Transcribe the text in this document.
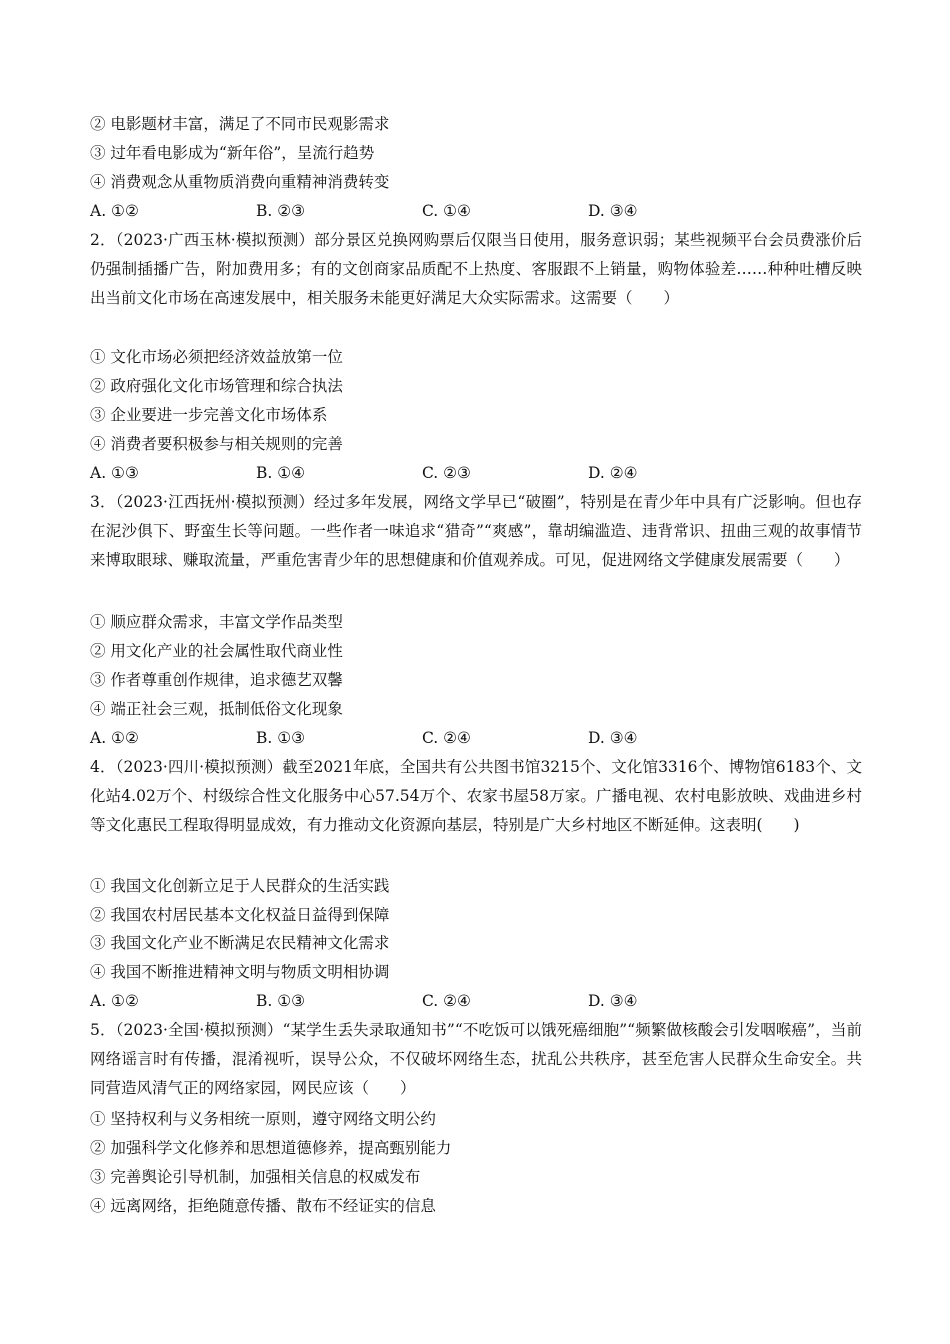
② 电影题材丰富，满足了不同市民观影需求
③ 过年看电影成为“新年俗”，呈流行趋势
④ 消费观念从重物质消费向重精神消费转变
A. ①②	B. ②③	C. ①④	D. ③④
2．（2023·广西玉林·模拟预测）部分景区兑换网购票后仅限当日使用，服务意识弱；某些视频平台会员费涨价后仍强制插播广告，附加费用多；有的文创商家品质配不上热度、客服跟不上销量，购物体验差……种种吐槽反映出当前文化市场在高速发展中，相关服务未能更好满足大众实际需求。这需要（　　）
① 文化市场必须把经济效益放第一位
② 政府强化文化市场管理和综合执法
③ 企业要进一步完善文化市场体系
④ 消费者要积极参与相关规则的完善
A. ①③	B. ①④	C. ②③	D. ②④
3．（2023·江西抚州·模拟预测）经过多年发展，网络文学早已“破圈”，特别是在青少年中具有广泛影响。但也存在泥沙俱下、野蛮生长等问题。一些作者一味追求“猎奇”“爽感”，靠胡编滥造、违背常识、扭曲三观的故事情节来博取眼球、赚取流量，严重危害青少年的思想健康和价值观养成。可见，促进网络文学健康发展需要（　　）
① 顺应群众需求，丰富文学作品类型
② 用文化产业的社会属性取代商业性
③ 作者尊重创作规律，追求德艺双馨
④ 端正社会三观，抵制低俗文化现象
A. ①②	B. ①③	C. ②④	D. ③④
4．（2023·四川·模拟预测）截至2021年底，全国共有公共图书馆3215个、文化馆3316个、博物馆6183个、文化站4.02万个、村级综合性文化服务中心57.54万个、农家书屋58万家。广播电视、农村电影放映、戏曲进乡村等文化惠民工程取得明显成效，有力推动文化资源向基层，特别是广大乡村地区不断延伸。这表明(　　)
① 我国文化创新立足于人民群众的生活实践
② 我国农村居民基本文化权益日益得到保障
③ 我国文化产业不断满足农民精神文化需求
④ 我国不断推进精神文明与物质文明相协调
A. ①②	B. ①③	C. ②④	D. ③④
5．（2023·全国·模拟预测）“某学生丢失录取通知书”“不吃饭可以饿死癌细胞”“频繁做核酸会引发咽喉癌”，当前网络谣言时有传播，混淆视听，误导公众，不仅破坏网络生态，扰乱公共秩序，甚至危害人民群众生命安全。共同营造风清气正的网络家园，网民应该（　　）
① 坚持权利与义务相统一原则，遵守网络文明公约
② 加强科学文化修养和思想道德修养，提高甄别能力
③ 完善舆论引导机制，加强相关信息的权威发布
④ 远离网络，拒绝随意传播、散布不经证实的信息
